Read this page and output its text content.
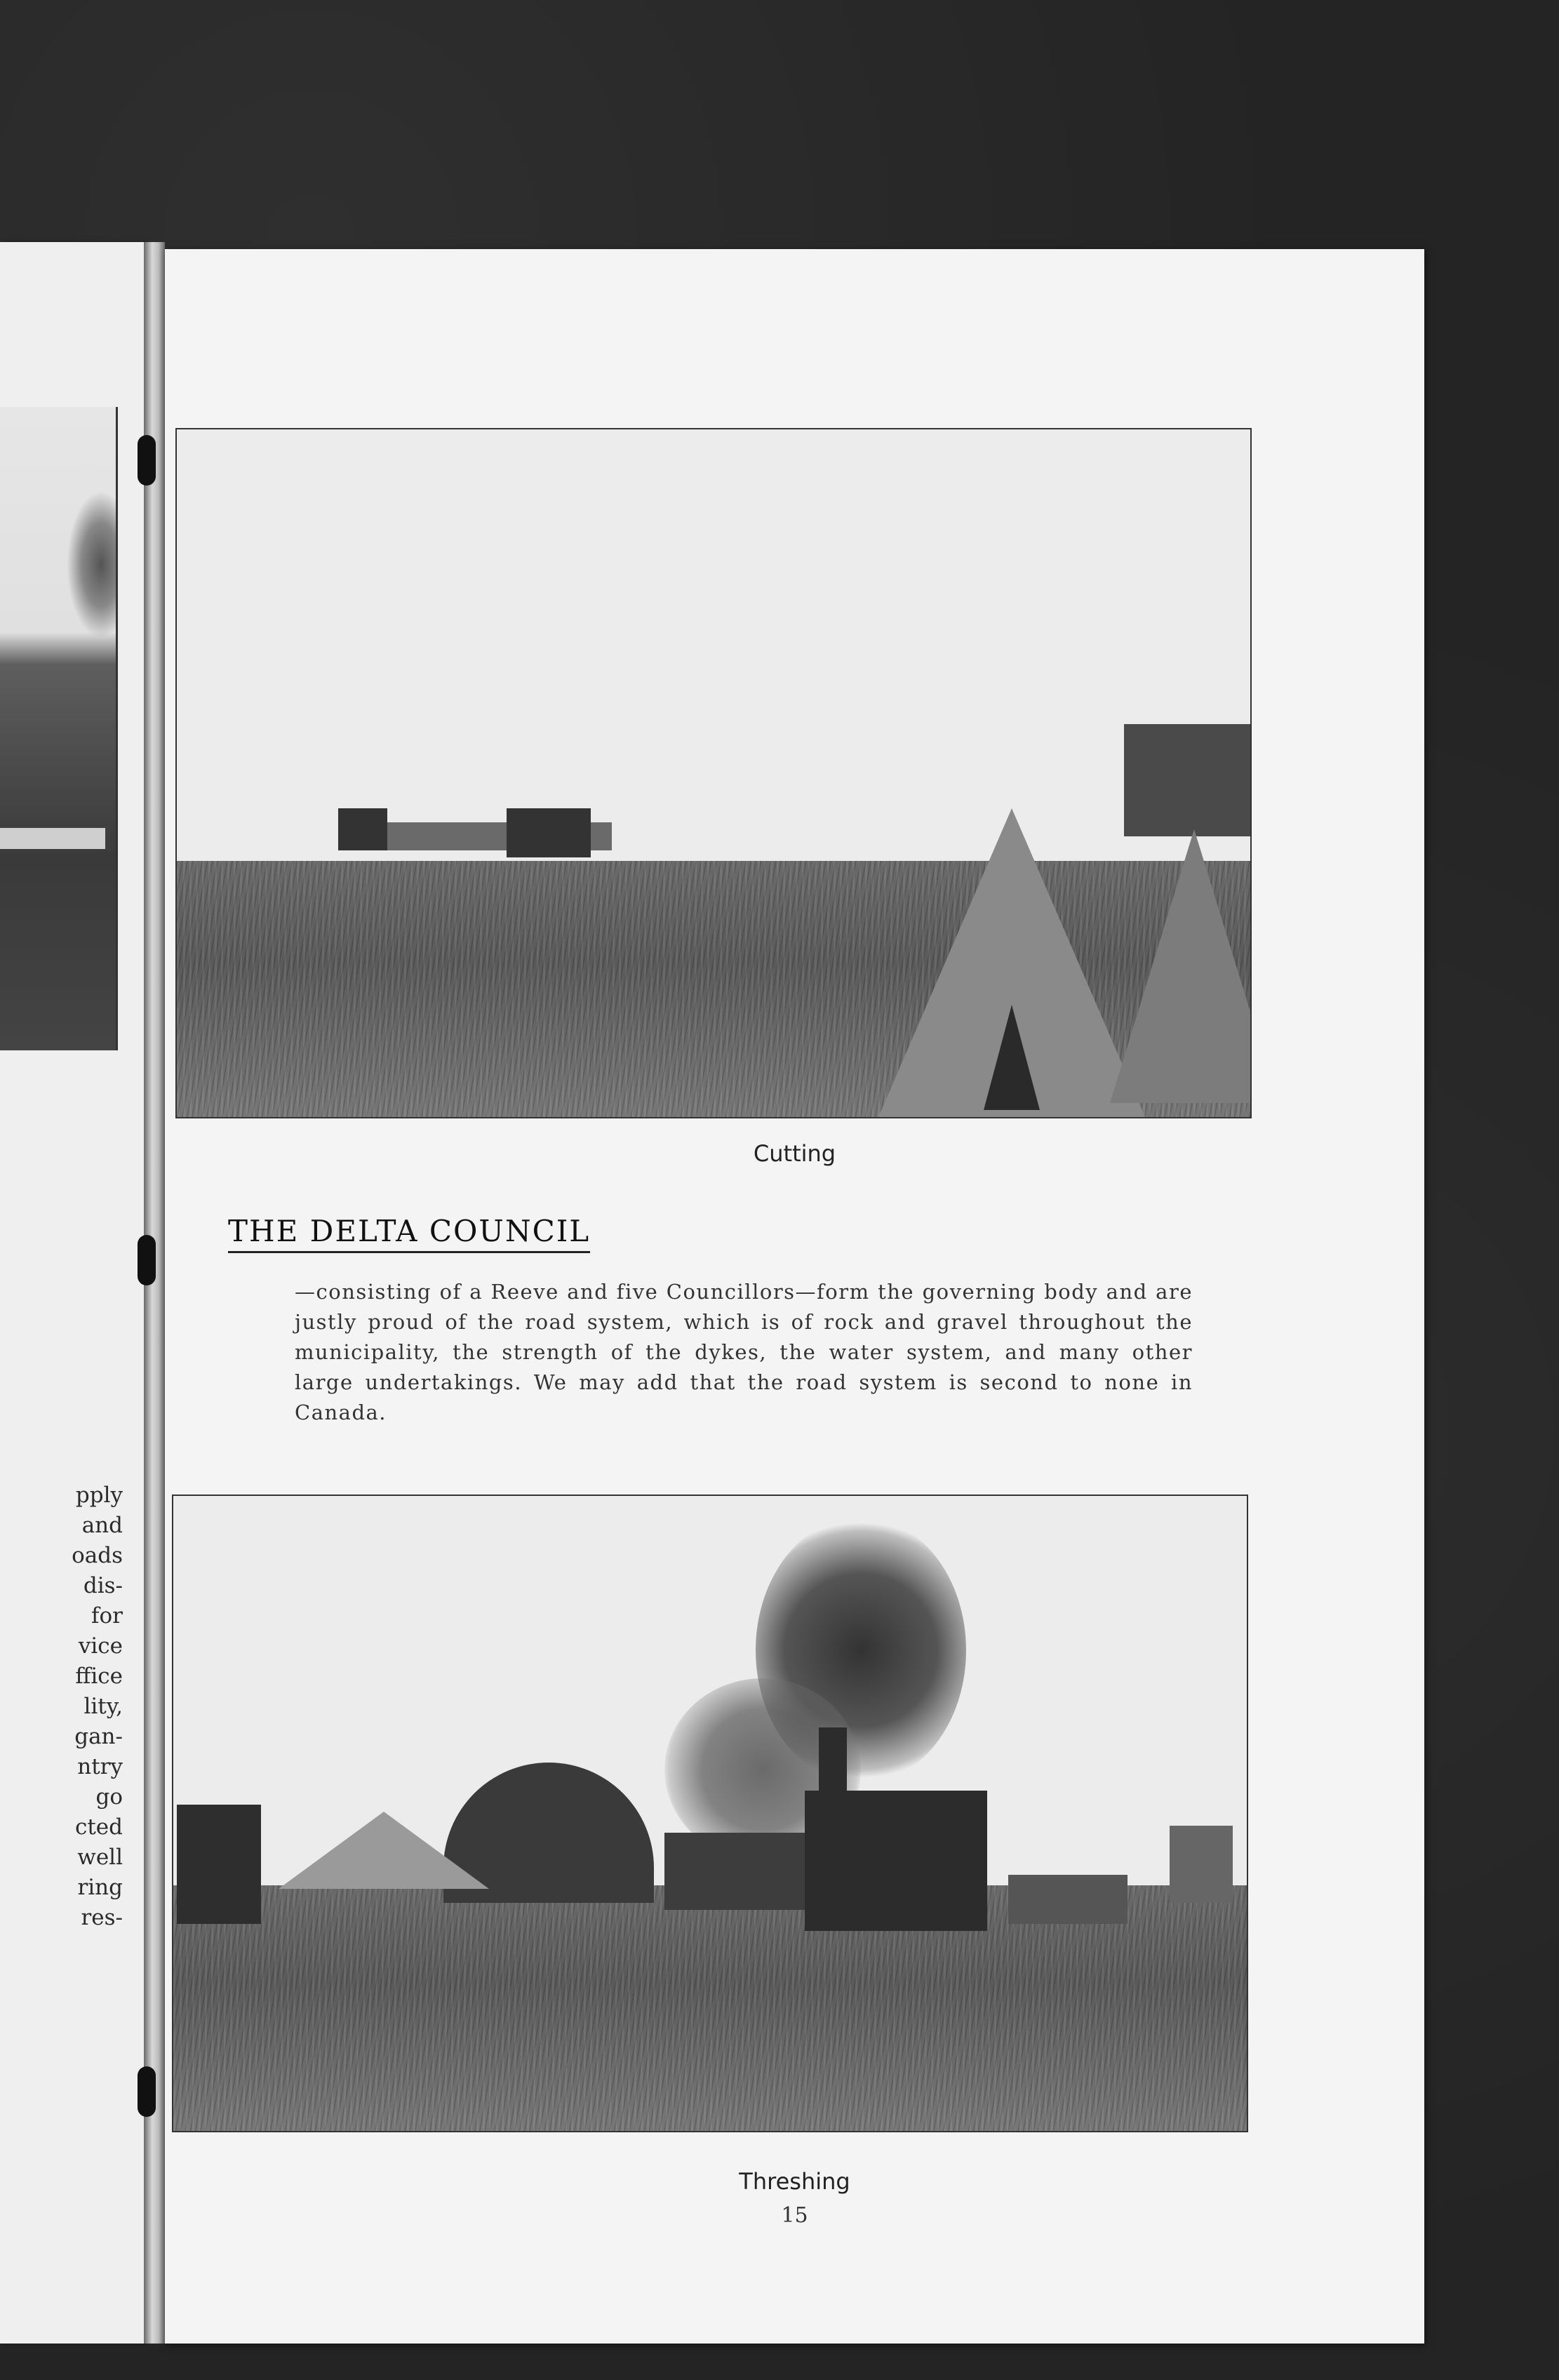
pply
and
oads
dis-
for
vice
ffice
lity,
gan-
ntry
go
cted
well
ring
res-
Cutting
THE DELTA COUNCIL
—consisting of a Reeve and five Councillors—form the governing body and are justly proud of the road system, which is of rock and gravel throughout the municipality, the strength of the dykes, the water system, and many other large undertakings. We may add that the road system is second to none in Canada.
Threshing
15
